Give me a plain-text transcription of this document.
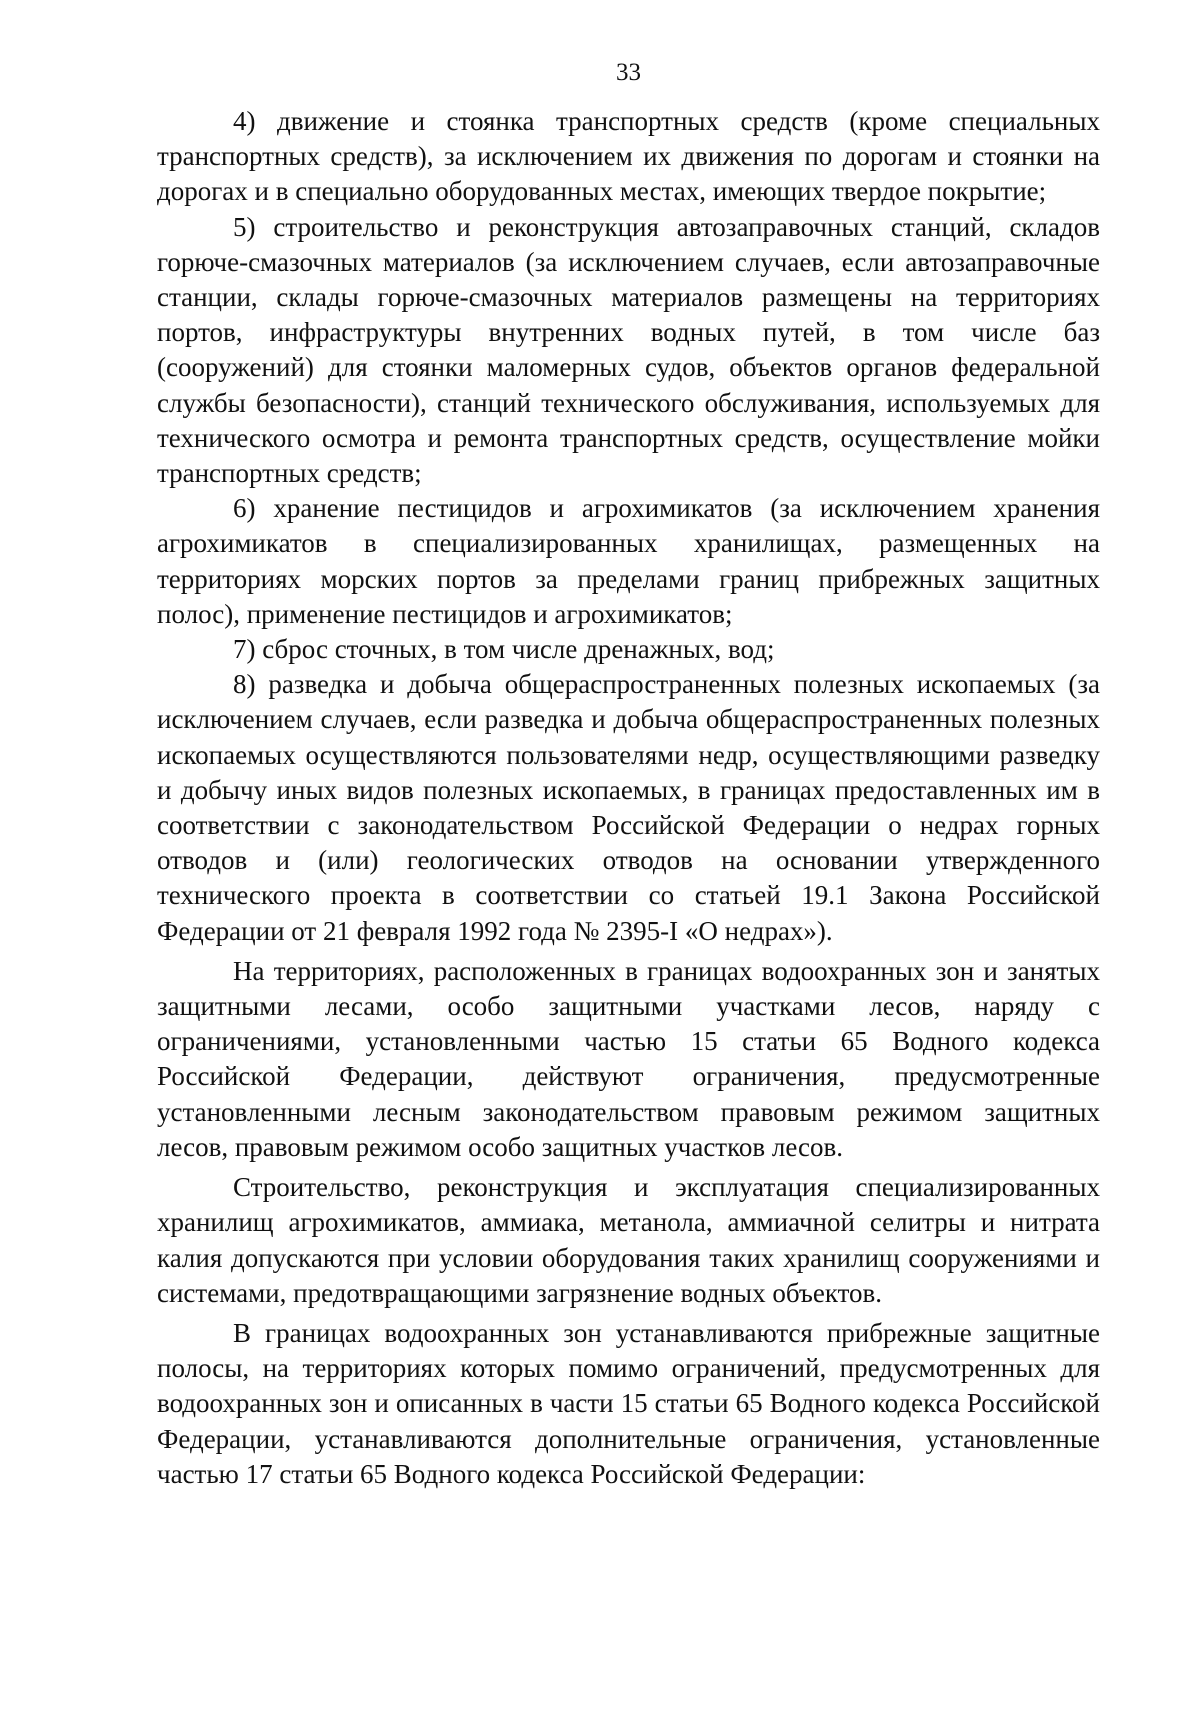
33

4) движение и стоянка транспортных средств (кроме специальных транспортных средств), за исключением их движения по дорогам и стоянки на дорогах и в специально оборудованных местах, имеющих твердое покрытие;

5) строительство и реконструкция автозаправочных станций, складов горюче-смазочных материалов (за исключением случаев, если автозаправочные станции, склады горюче-смазочных материалов размещены на территориях портов, инфраструктуры внутренних водных путей, в том числе баз (сооружений) для стоянки маломерных судов, объектов органов федеральной службы безопасности), станций технического обслуживания, используемых для технического осмотра и ремонта транспортных средств, осуществление мойки транспортных средств;

6) хранение пестицидов и агрохимикатов (за исключением хранения агрохимикатов в специализированных хранилищах, размещенных на территориях морских портов за пределами границ прибрежных защитных полос), применение пестицидов и агрохимикатов;

7) сброс сточных, в том числе дренажных, вод;

8) разведка и добыча общераспространенных полезных ископаемых (за исключением случаев, если разведка и добыча общераспространенных полезных ископаемых осуществляются пользователями недр, осуществляющими разведку и добычу иных видов полезных ископаемых, в границах предоставленных им в соответствии с законодательством Российской Федерации о недрах горных отводов и (или) геологических отводов на основании утвержденного технического проекта в соответствии со статьей 19.1 Закона Российской Федерации от 21 февраля 1992 года № 2395-I «О недрах»).

На территориях, расположенных в границах водоохранных зон и занятых защитными лесами, особо защитными участками лесов, наряду с ограничениями, установленными частью 15 статьи 65 Водного кодекса Российской Федерации, действуют ограничения, предусмотренные установленными лесным законодательством правовым режимом защитных лесов, правовым режимом особо защитных участков лесов.

Строительство, реконструкция и эксплуатация специализированных хранилищ агрохимикатов, аммиака, метанола, аммиачной селитры и нитрата калия допускаются при условии оборудования таких хранилищ сооружениями и системами, предотвращающими загрязнение водных объектов.

В границах водоохранных зон устанавливаются прибрежные защитные полосы, на территориях которых помимо ограничений, предусмотренных для водоохранных зон и описанных в части 15 статьи 65 Водного кодекса Российской Федерации, устанавливаются дополнительные ограничения, установленные частью 17 статьи 65 Водного кодекса Российской Федерации:
